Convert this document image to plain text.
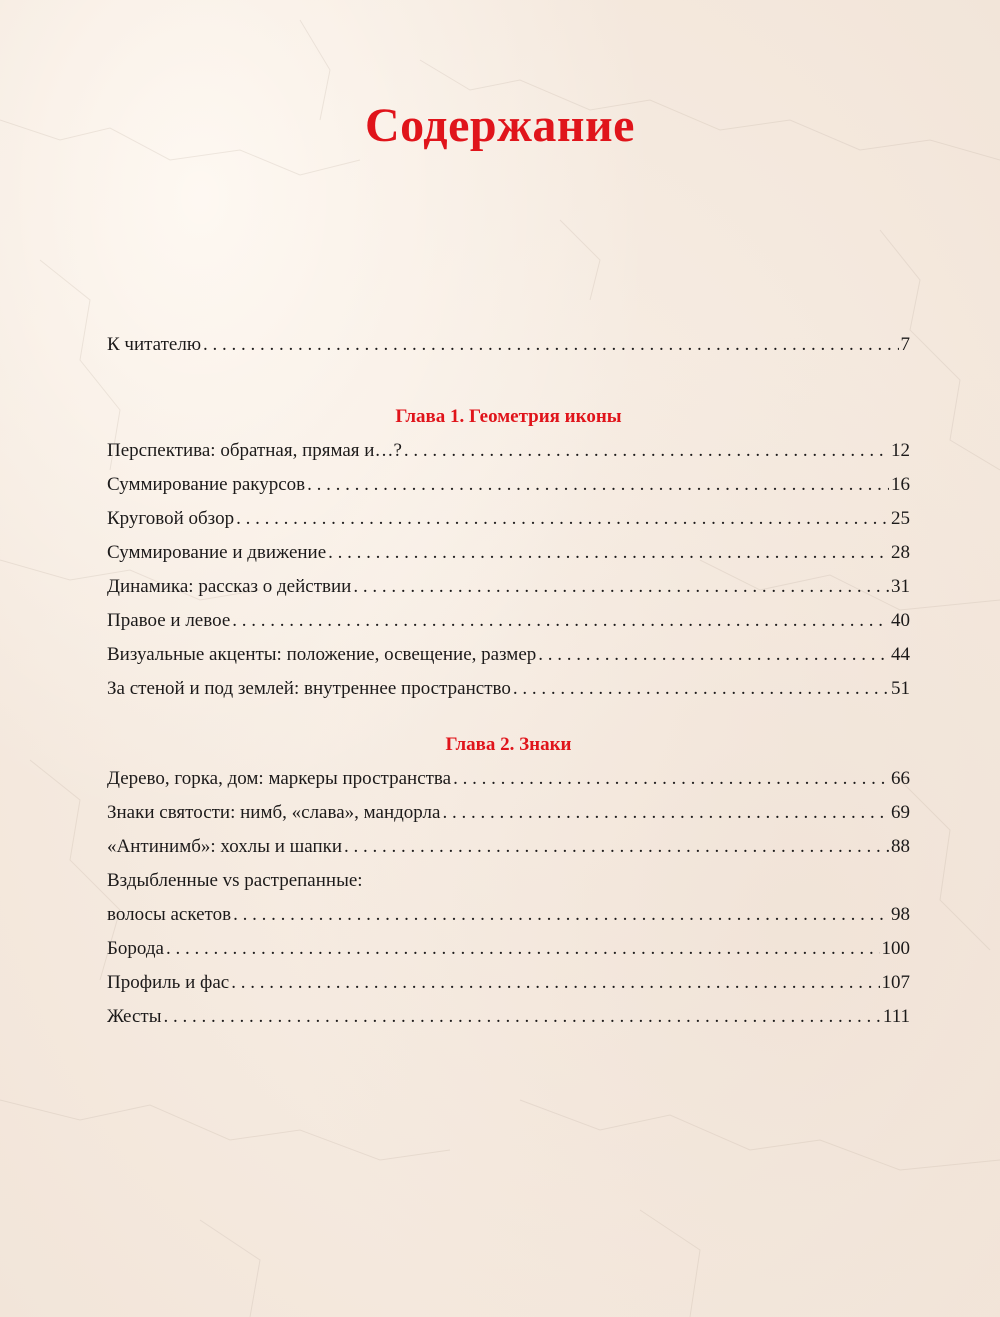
Содержание
К читателю . . .	7
Глава 1. Геометрия иконы
Перспектива: обратная, прямая и…? . . .	12
Суммирование ракурсов . . .	16
Круговой обзор . . .	25
Суммирование и движение . . .	28
Динамика: рассказ о действии . . .	31
Правое и левое . . .	40
Визуальные акценты: положение, освещение, размер . . .	44
За стеной и под землей: внутреннее пространство . . .	51
Глава 2. Знаки
Дерево, горка, дом: маркеры пространства . . .	66
Знаки святости: нимб, «слава», мандорла . . .	69
«Антинимб»: хохлы и шапки . . .	88
Вздыбленные vs растрепанные:
волосы аскетов . . .	98
Борода . . .	100
Профиль и фас . . .	107
Жесты . . .	111
